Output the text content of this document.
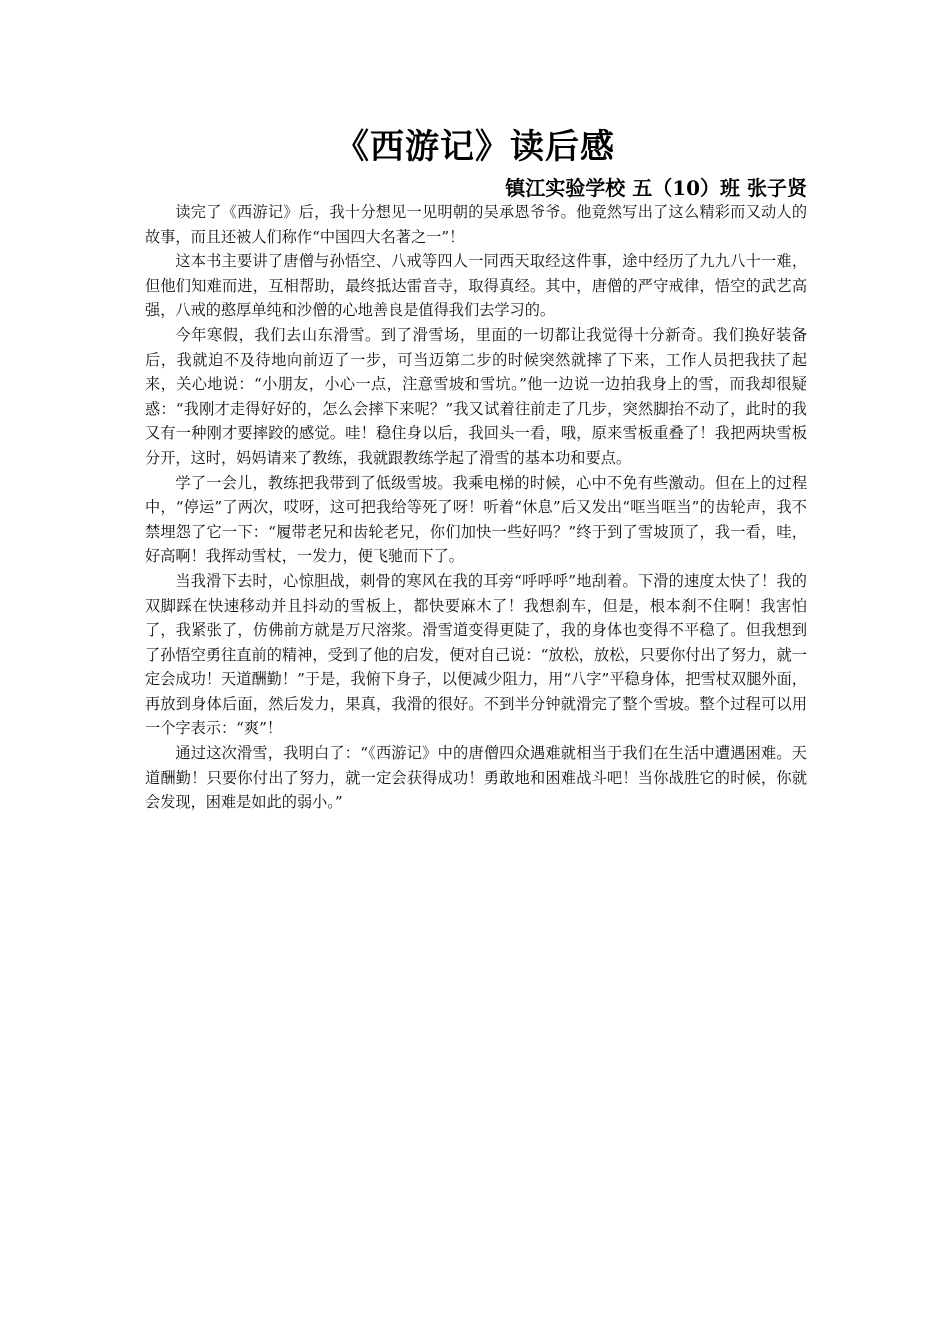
《西游记》读后感
镇江实验学校 五（10）班 张子贤

读完了《西游记》后，我十分想见一见明朝的吴承恩爷爷。他竟然写出了这么精彩而又动人的故事，而且还被人们称作“中国四大名著之一”！

这本书主要讲了唐僧与孙悟空、八戒等四人一同西天取经这件事，途中经历了九九八十一难，但他们知难而进，互相帮助，最终抵达雷音寺，取得真经。其中，唐僧的严守戒律，悟空的武艺高强，八戒的憨厚单纯和沙僧的心地善良是值得我们去学习的。

今年寒假，我们去山东滑雪。到了滑雪场，里面的一切都让我觉得十分新奇。我们换好装备后，我就迫不及待地向前迈了一步，可当迈第二步的时候突然就摔了下来，工作人员把我扶了起来，关心地说：“小朋友，小心一点，注意雪坡和雪坑。”他一边说一边拍我身上的雪，而我却很疑惑：“我刚才走得好好的，怎么会摔下来呢？”我又试着往前走了几步，突然脚抬不动了，此时的我又有一种刚才要摔跤的感觉。哇！稳住身以后，我回头一看，哦，原来雪板重叠了！我把两块雪板分开，这时，妈妈请来了教练，我就跟教练学起了滑雪的基本功和要点。

学了一会儿，教练把我带到了低级雪坡。我乘电梯的时候，心中不免有些激动。但在上的过程中，“停运”了两次，哎呀，这可把我给等死了呀！听着“休息”后又发出“哐当哐当”的齿轮声，我不禁埋怨了它一下：“履带老兄和齿轮老兄，你们加快一些好吗？”终于到了雪坡顶了，我一看，哇，好高啊！我挥动雪杖，一发力，便飞驰而下了。

当我滑下去时，心惊胆战，刺骨的寒风在我的耳旁“呼呼呼”地刮着。下滑的速度太快了！我的双脚踩在快速移动并且抖动的雪板上，都快要麻木了！我想刹车，但是，根本刹不住啊！我害怕了，我紧张了，仿佛前方就是万尺溶浆。滑雪道变得更陡了，我的身体也变得不平稳了。但我想到了孙悟空勇往直前的精神，受到了他的启发，便对自己说：“放松，放松，只要你付出了努力，就一定会成功！天道酬勤！”于是，我俯下身子，以便减少阻力，用“八字”平稳身体，把雪杖双腿外面，再放到身体后面，然后发力，果真，我滑的很好。不到半分钟就滑完了整个雪坡。整个过程可以用一个字表示：“爽”！

通过这次滑雪，我明白了：“《西游记》中的唐僧四众遇难就相当于我们在生活中遭遇困难。天道酬勤！只要你付出了努力，就一定会获得成功！勇敢地和困难战斗吧！当你战胜它的时候，你就会发现，困难是如此的弱小。”
